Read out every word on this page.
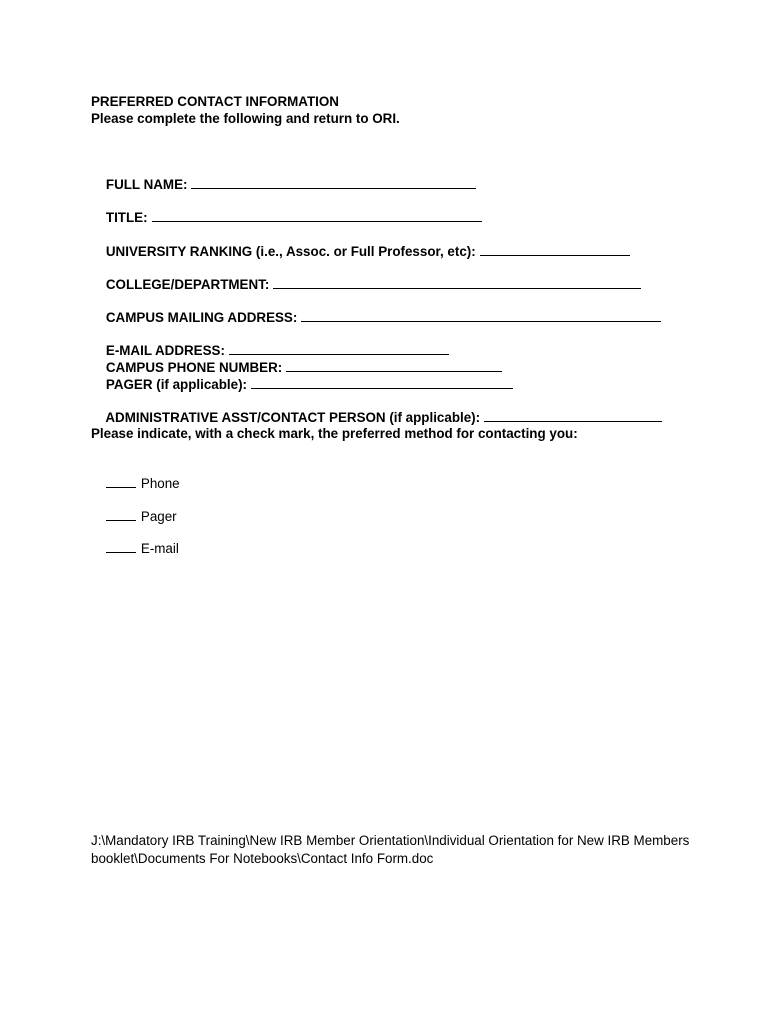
PREFERRED CONTACT INFORMATION
Please complete the following and return to ORI.

FULL NAME:

TITLE:

UNIVERSITY RANKING (i.e., Assoc. or Full Professor, etc):

COLLEGE/DEPARTMENT:

CAMPUS MAILING ADDRESS:

E-MAIL ADDRESS:

CAMPUS PHONE NUMBER:

PAGER (if applicable):

ADMINISTRATIVE ASST/CONTACT PERSON (if applicable):

Please indicate, with a check mark, the preferred method for contacting you:

Phone

Pager

E-mail

J:\Mandatory IRB Training\New IRB Member Orientation\Individual Orientation for New IRB Members booklet\Documents For Notebooks\Contact Info Form.doc
